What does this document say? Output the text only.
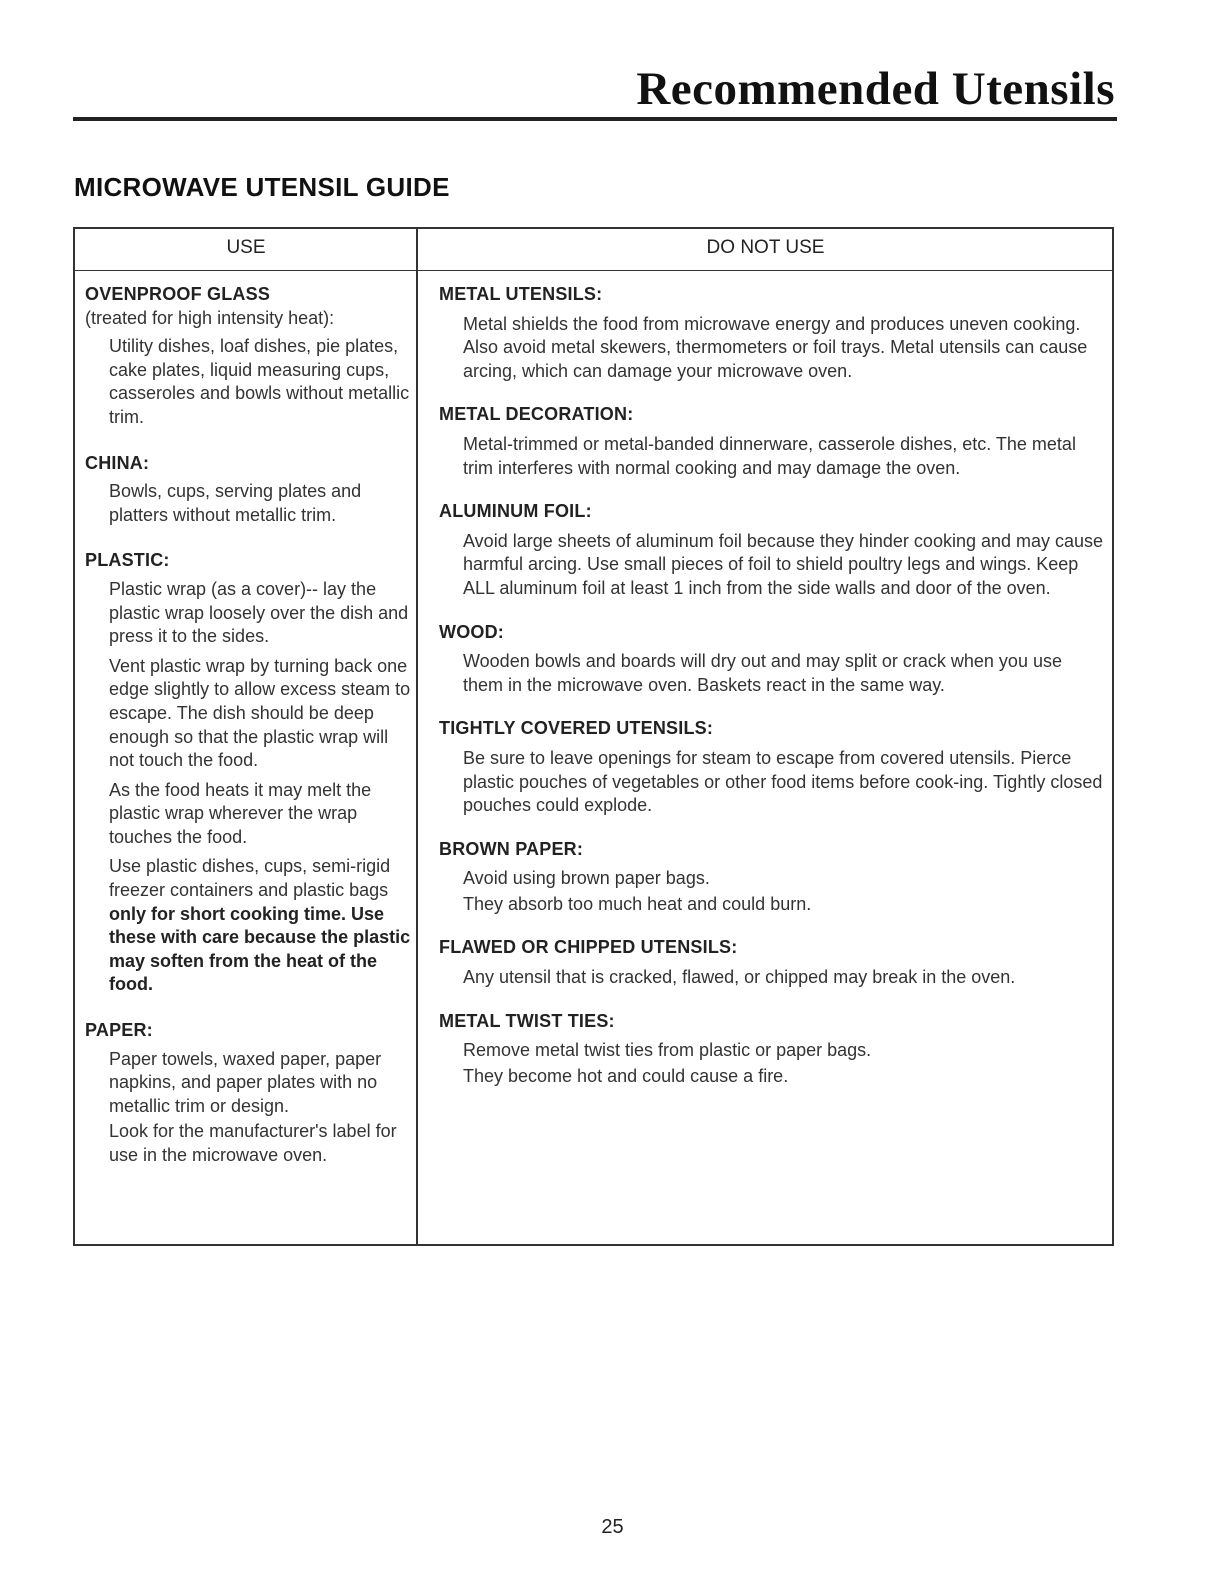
Recommended Utensils
MICROWAVE UTENSIL GUIDE
USE	DO NOT USE
OVENPROOF GLASS
(treated for high intensity heat):
Utility dishes, loaf dishes, pie plates, cake plates, liquid measuring cups, casseroles and bowls without metallic trim.
CHINA:
Bowls, cups, serving plates and platters without metallic trim.
PLASTIC:
Plastic wrap (as a cover)-- lay the plastic wrap loosely over the dish and press it to the sides.
Vent plastic wrap by turning back one edge slightly to allow excess steam to escape. The dish should be deep enough so that the plastic wrap will not touch the food.
As the food heats it may melt the plastic wrap wherever the wrap touches the food.
Use plastic dishes, cups, semi-rigid freezer containers and plastic bags only for short cooking time. Use these with care because the plastic may soften from the heat of the food.
PAPER:
Paper towels, waxed paper, paper napkins, and paper plates with no metallic trim or design.
Look for the manufacturer's label for use in the microwave oven.
METAL UTENSILS:
Metal shields the food from microwave energy and produces uneven cooking. Also avoid metal skewers, thermometers or foil trays. Metal utensils can cause arcing, which can damage your microwave oven.
METAL DECORATION:
Metal-trimmed or metal-banded dinnerware, casserole dishes, etc. The metal trim interferes with normal cooking and may damage the oven.
ALUMINUM FOIL:
Avoid large sheets of aluminum foil because they hinder cooking and may cause harmful arcing. Use small pieces of foil to shield poultry legs and wings. Keep ALL aluminum foil at least 1 inch from the side walls and door of the oven.
WOOD:
Wooden bowls and boards will dry out and may split or crack when you use them in the microwave oven. Baskets react in the same way.
TIGHTLY COVERED UTENSILS:
Be sure to leave openings for steam to escape from covered utensils. Pierce plastic pouches of vegetables or other food items before cook-ing. Tightly closed pouches could explode.
BROWN PAPER:
Avoid using brown paper bags.
They absorb too much heat and could burn.
FLAWED OR CHIPPED UTENSILS:
Any utensil that is cracked, flawed, or chipped may break in the oven.
METAL TWIST TIES:
Remove metal twist ties from plastic or paper bags.
They become hot and could cause a fire.
25
